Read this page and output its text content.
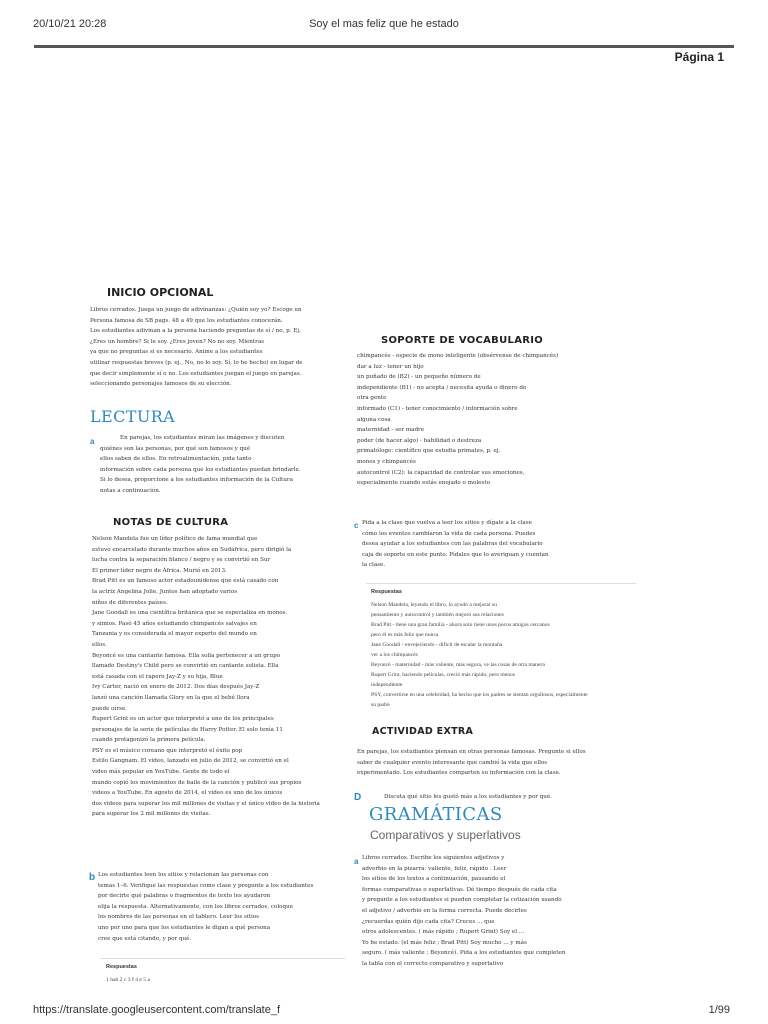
20/10/21 20:28	Soy el mas feliz que he estado
Página 1
INICIO OPCIONAL

Libros cerrados. Juega un juego de adivinanzas: ¿Quién soy yo? Escoge un

Persona famosa de SB pags. 48 a 49 que los estudiantes conocerán.

Los estudiantes adivinan a la persona haciendo preguntas de sí / no, p. Ej.

¿Eres un hombre? Si le soy. ¿Eres joven? No no soy. Mientras

ya que no preguntas si es necesario. Anime a los estudiantes

utilizar respuestas breves (p. ej., No, no lo soy. Sí, lo he hecho) en lugar de

que decir simplemente sí o no. Los estudiantes juegan el juego en parejas.

seleccionando personajes famosos de su elección.

LECTURA
a	En parejas, los estudiantes miran las imágenes y discuten

quiénes son las personas, por qué son famosos y qué

ellos saben de ellos. En retroalimentación, pida tanto

información sobre cada persona que los estudiantes puedan brindarle.

Si lo desea, proporcione a los estudiantes información de la Cultura

notas a continuación.

NOTAS DE CULTURA

Nelson Mandela fue un líder político de fama mundial que

estuvo encarcelado durante muchos años en Sudáfrica, pero dirigió la

lucha contra la separación blanco / negro y se convirtió en Sur

El primer líder negro de África. Murió en 2013.

Brad Pitt es un famoso actor estadounidense que está casado con

la actriz Angelina Jolie. Juntos han adoptado varios

niños de diferentes países.

Jane Goodall es una científica británica que se especializa en monos.

y simios. Pasó 45 años estudiando chimpancés salvajes en

Tanzania y es considerada el mayor experto del mundo en

ellos.

Beyoncé es una cantante famosa. Ella solía pertenecer a un grupo

llamado Destiny's Child pero se convirtió en cantante solista. Ella

está casada con el rapero Jay-Z y su hija, Blue

Ivy Carter, nació en enero de 2012. Dos días después Jay-Z

lanzó una canción llamada Glory en la que el bebé llora

puede oírse.

Rupert Grint es un actor que interpretó a uno de los principales

personajes de la serie de películas de Harry Potter. El solo tenía 11

cuando protagonizó la primera película.

PSY es el músico coreano que interpretó el éxito pop

Estilo Gangnam. El video, lanzado en julio de 2012, se convirtió en el

video más popular en YouTube. Gente de todo el

mundo copió los movimientos de baile de la canción y publicó sus propios

videos a YouTube. En agosto de 2014, el video es uno de los únicos

dos videos para superar los mil millones de visitas y el único video de la historia

para superar los 2 mil millones de visitas.

b Los estudiantes leen los sitios y relacionan las personas con

temas 1–6. Verifique las respuestas como clase y pregunte a los estudiantes

por decirte qué palabras o fragmentos de texto les ayudaron

elija la respuesta. Alternativamente, con los libros cerrados, coloque

los nombres de las personas en el tablero. Leer los sitios

uno por uno para que los estudiantes le digan a qué persona

cree que está citando, y por qué.

Respuestas
1 hab 2 c 3 f 4 e 5 a
SOPORTE DE VOCABULARIO

chimpancés - especie de mono inteligente (obsérvense de chimpancés)

dar a luz - tener un hijo

un puñado de (B2) - un pequeño número de

independiente (B1) - no acepta / necesita ayuda o dinero de

otra gente

informado (C1) - tener conocimiento / información sobre

alguna cosa

maternidad - ser madre

poder (de hacer algo) - habilidad o destreza

primatólogo: científico que estudia primates, p. ej.

monos y chimpancés

autocontrol (C2): la capacidad de controlar sus emociones,

especialmente cuando estás enojado o molesto

c Pida a la clase que vuelva a leer los sitios y dígale a la clase

cómo los eventos cambiaron la vida de cada persona. Puedes

desea ayudar a los estudiantes con las palabras del vocabulario

caja de soporte en este punto. Pídales que lo averiguan y cuentan

la clase.

Respuestas
Nelson Mandela, leyendo el libro, lo ayudó a mejorar su
pensamiento y autocontrol y también mejoró sus relaciones
Brad Pitt - tiene una gran familia - ahora solo tiene unos pocos amigos cercanos
pero él es más feliz que nunca
Jane Goodall - envejeciendo - difícil de escalar la montaña
ver a los chimpancés
Beyoncé - maternidad - más valiente, más segura, ve las cosas de otra manera
Rupert Grint, haciendo películas, creció más rápido, pero menos
independiente
PSY, convertirse en una celebridad, ha hecho que los padres se sientan orgullosos, especialmente
su padre
ACTIVIDAD EXTRA

En parejas, los estudiantes piensan en otras personas famosas. Pregunte si ellos

saber de cualquier evento interesante que cambió la vida que ellos

experimentado. Los estudiantes comparten su información con la clase.

D	Discuta qué sitio les gustó más a los estudiantes y por qué.

GRAMÁTICAS
Comparativos y superlativos
a Libros cerrados. Escribe los siguientes adjetivos y

adverbio en la pizarra: valiente, feliz, rápido . Leer

los sitios de los textos a continuación, pausando el

formas comparativas o superlativas. Dé tiempo después de cada cita

y pregunte a los estudiantes si pueden completar la cotización usando

el adjetivo / adverbio en la forma correcta. Puede decirles

¿recuerdas quién dijo cada cita? Creces ... que

otros adolescentes. ( más rápido ; Rupert Grint) Soy el ...

Yo he estado. (el más feliz ; Brad Pitt) Soy mucho ... y más

seguro. ( más valiente ; Beyoncé). Pida a los estudiantes que completen

la tabla con el correcto comparativo y superlativo

https://translate.googleusercontent.com/translate_f	1/99
